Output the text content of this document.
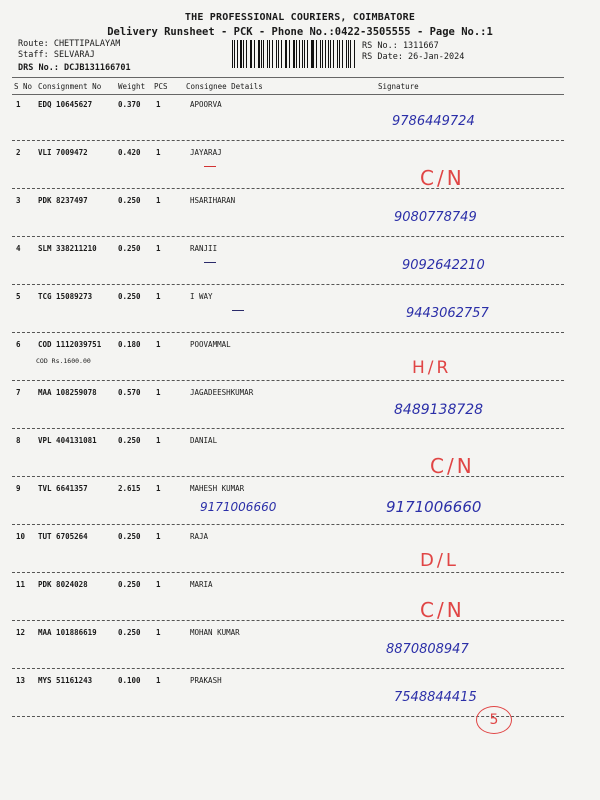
THE PROFESSIONAL COURIERS, COIMBATORE
Delivery Runsheet - PCK - Phone No.:0422-3505555 - Page No.:1
Route: CHETTIPALAYAM
Staff: SELVARAJ
DRS No.: DCJB131166701
RS No.: 1311667
RS Date: 26-Jan-2024
S No Consignment No Weight PCS Consignee Details	Signature
1 EDQ 10645627	0.370 1	APOORVA
9786449724
2 VLI 7009472	0.420 1	JAYARAJ
C/N
3 PDK 8237497	0.250 1	HSARIHARAN
9080778749
4 SLM 338211210	0.250 1	RANJII
9092642210
5 TCG 15089273	0.250 1	I WAY
9443062757
6 COD 1112039751 0.180 1	POOVAMMAL
COD Rs.1600.00	H/R
7 MAA 108259078	0.570 1	JAGADEESHKUMAR
8489138728
8 VPL 404131081	0.250 1	DANIAL
C/N
9 TVL 6641357	2.615 1	MAHESH KUMAR
9171006660
9171006660
10 TUT 6705264	0.250 1	RAJA
D/L
11 PDK 8024028	0.250 1	MARIA
C/N
12 MAA 101886619	0.250 1	MOHAN KUMAR
8870808947
13 MYS 51161243	0.100 1	PRAKASH
7548844415
5
